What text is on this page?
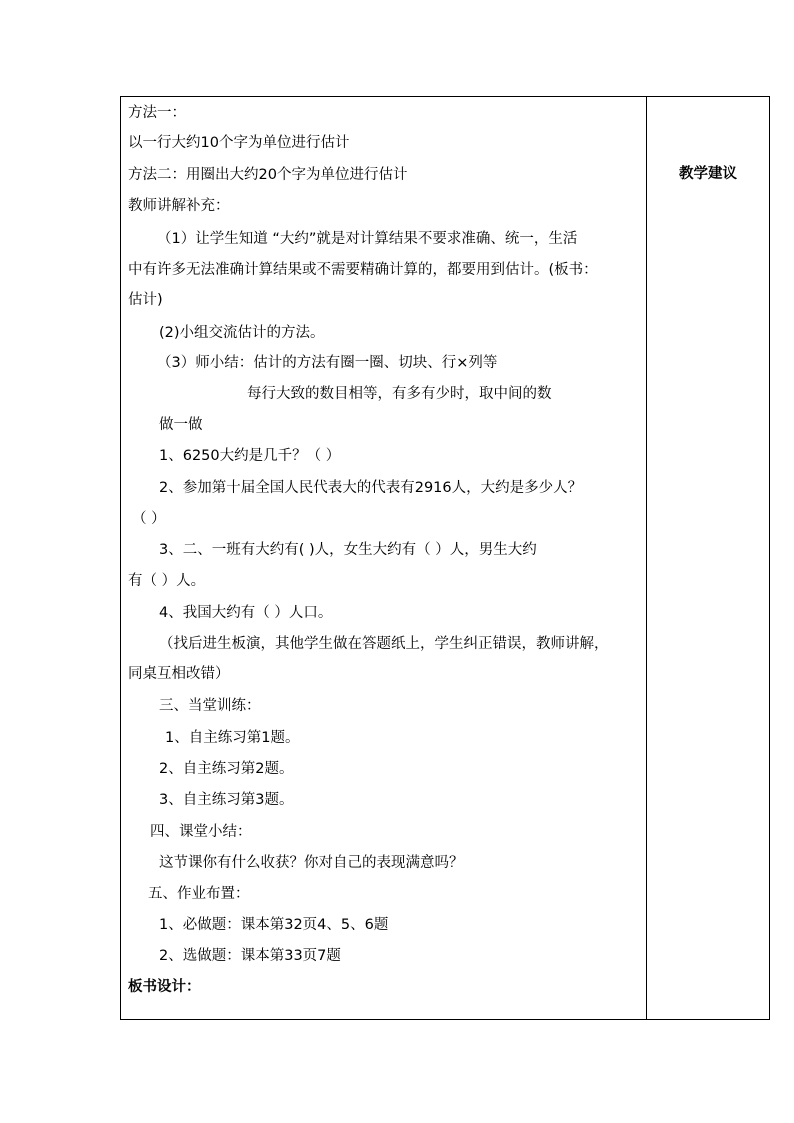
教学建议
方法一：
以一行大约10个字为单位进行估计
方法二：用圈出大约20个字为单位进行估计
教师讲解补充：
（1）让学生知道 “大约”就是对计算结果不要求准确、统一，生活
中有许多无法准确计算结果或不需要精确计算的，都要用到估计。(板书：
估计)
(2)小组交流估计的方法。
（3）师小结：估计的方法有圈一圈、切块、行×列等
每行大致的数目相等，有多有少时，取中间的数
做一做
1、6250大约是几千？（ ）
2、参加第十届全国人民代表大的代表有2916人，大约是多少人？
（ ）
3、二、一班有大约有( )人，女生大约有（ ）人，男生大约
有（ ）人。
4、我国大约有（ ）人口。
（找后进生板演，其他学生做在答题纸上，学生纠正错误，教师讲解，
同桌互相改错）
三、当堂训练：
1、自主练习第1题。
2、自主练习第2题。
3、自主练习第3题。
四、课堂小结：
这节课你有什么收获？你对自己的表现满意吗？
五、作业布置：
1、必做题：课本第32页4、5、6题
2、选做题：课本第33页7题
板书设计：
